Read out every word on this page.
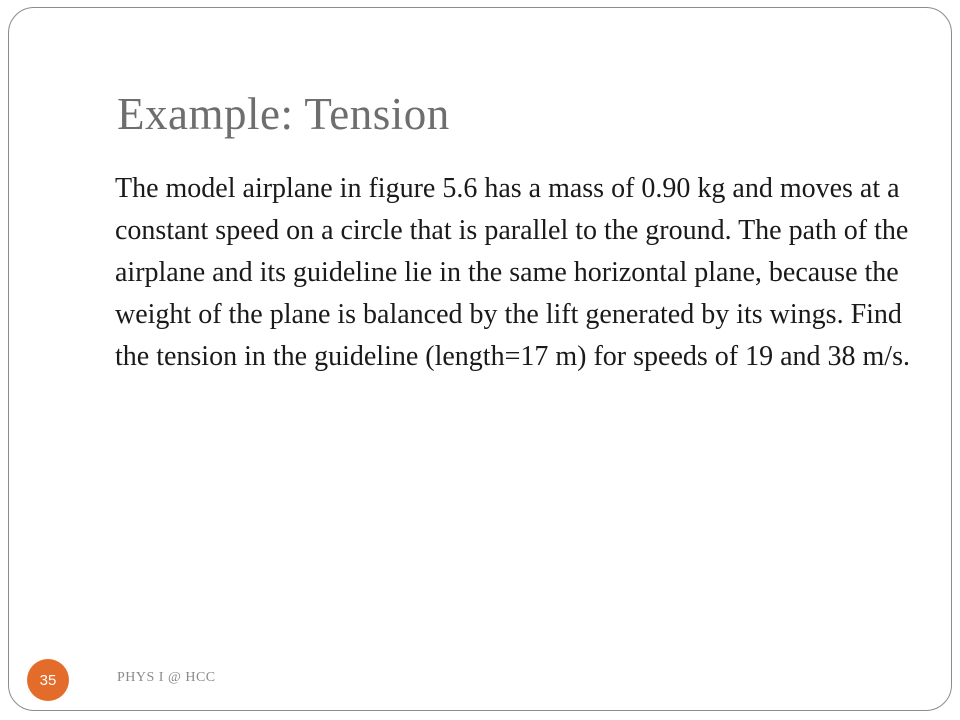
Example: Tension

The model airplane in figure 5.6 has a mass of 0.90 kg and moves at a constant speed on a circle that is parallel to the ground. The path of the airplane and its guideline lie in the same horizontal plane, because the weight of the plane is balanced by the lift generated by its wings. Find the tension in the guideline (length=17 m) for speeds of 19 and 38 m/s.

PHYS I @ HCC
35
